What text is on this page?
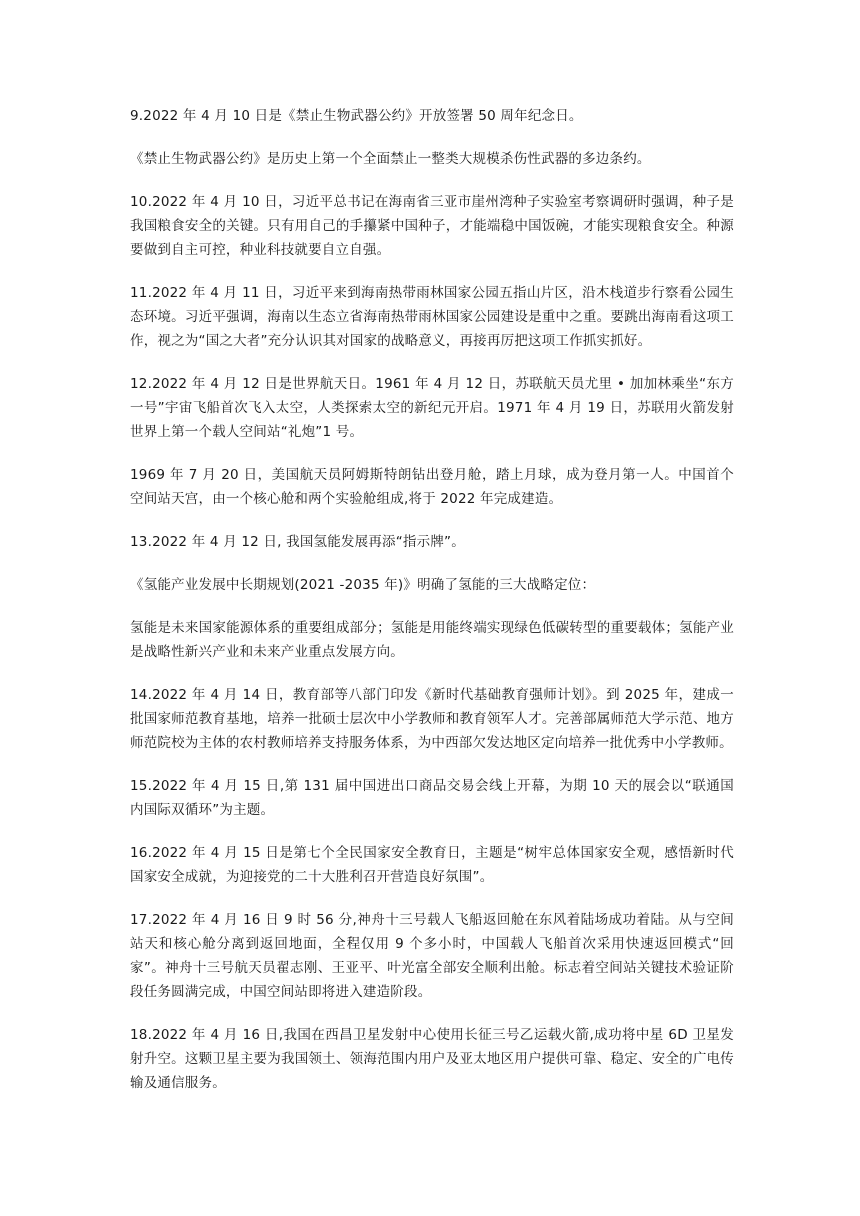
9.2022 年 4 月 10 日是《禁止生物武器公约》开放签署 50 周年纪念日。

《禁止生物武器公约》是历史上第一个全面禁止一整类大规模杀伤性武器的多边条约。

10.2022 年 4 月 10 日，习近平总书记在海南省三亚市崖州湾种子实验室考察调研时强调，种子是我国粮食安全的关键。只有用自己的手攥紧中国种子，才能端稳中国饭碗，才能实现粮食安全。种源要做到自主可控，种业科技就要自立自强。

11.2022 年 4 月 11 日，习近平来到海南热带雨林国家公园五指山片区，沿木栈道步行察看公园生态环境。习近平强调，海南以生态立省海南热带雨林国家公园建设是重中之重。要跳出海南看这项工作，视之为“国之大者”充分认识其对国家的战略意义，再接再厉把这项工作抓实抓好。

12.2022 年 4 月 12 日是世界航天日。1961 年 4 月 12 日，苏联航天员尤里 • 加加林乘坐“东方一号”宇宙飞船首次飞入太空，人类探索太空的新纪元开启。1971 年 4 月 19 日，苏联用火箭发射世界上第一个载人空间站“礼炮”1 号。

1969 年 7 月 20 日，美国航天员阿姆斯特朗钻出登月舱，踏上月球，成为登月第一人。中国首个空间站天宫，由一个核心舱和两个实验舱组成,将于 2022 年完成建造。

13.2022 年 4 月 12 日, 我国氢能发展再添“指示牌”。

《氢能产业发展中长期规划(2021 -2035 年)》明确了氢能的三大战略定位：

氢能是未来国家能源体系的重要组成部分；氢能是用能终端实现绿色低碳转型的重要载体；氢能产业是战略性新兴产业和未来产业重点发展方向。

14.2022 年 4 月 14 日，教育部等八部门印发《新时代基础教育强师计划》。到 2025 年，建成一批国家师范教育基地，培养一批硕士层次中小学教师和教育领军人才。完善部属师范大学示范、地方师范院校为主体的农村教师培养支持服务体系，为中西部欠发达地区定向培养一批优秀中小学教师。

15.2022 年 4 月 15 日,第 131 届中国进出口商品交易会线上开幕，为期 10 天的展会以“联通国内国际双循环”为主题。

16.2022 年 4 月 15 日是第七个全民国家安全教育日，主题是“树牢总体国家安全观，感悟新时代国家安全成就，为迎接党的二十大胜利召开营造良好氛围”。

17.2022 年 4 月 16 日 9 时 56 分,神舟十三号载人飞船返回舱在东风着陆场成功着陆。从与空间站天和核心舱分离到返回地面，全程仅用 9 个多小时，中国载人飞船首次采用快速返回模式“回家”。神舟十三号航天员翟志刚、王亚平、叶光富全部安全顺利出舱。标志着空间站关键技术验证阶段任务圆满完成，中国空间站即将进入建造阶段。

18.2022 年 4 月 16 日,我国在西昌卫星发射中心使用长征三号乙运载火箭,成功将中星 6D 卫星发射升空。这颗卫星主要为我国领土、领海范围内用户及亚太地区用户提供可靠、稳定、安全的广电传输及通信服务。
